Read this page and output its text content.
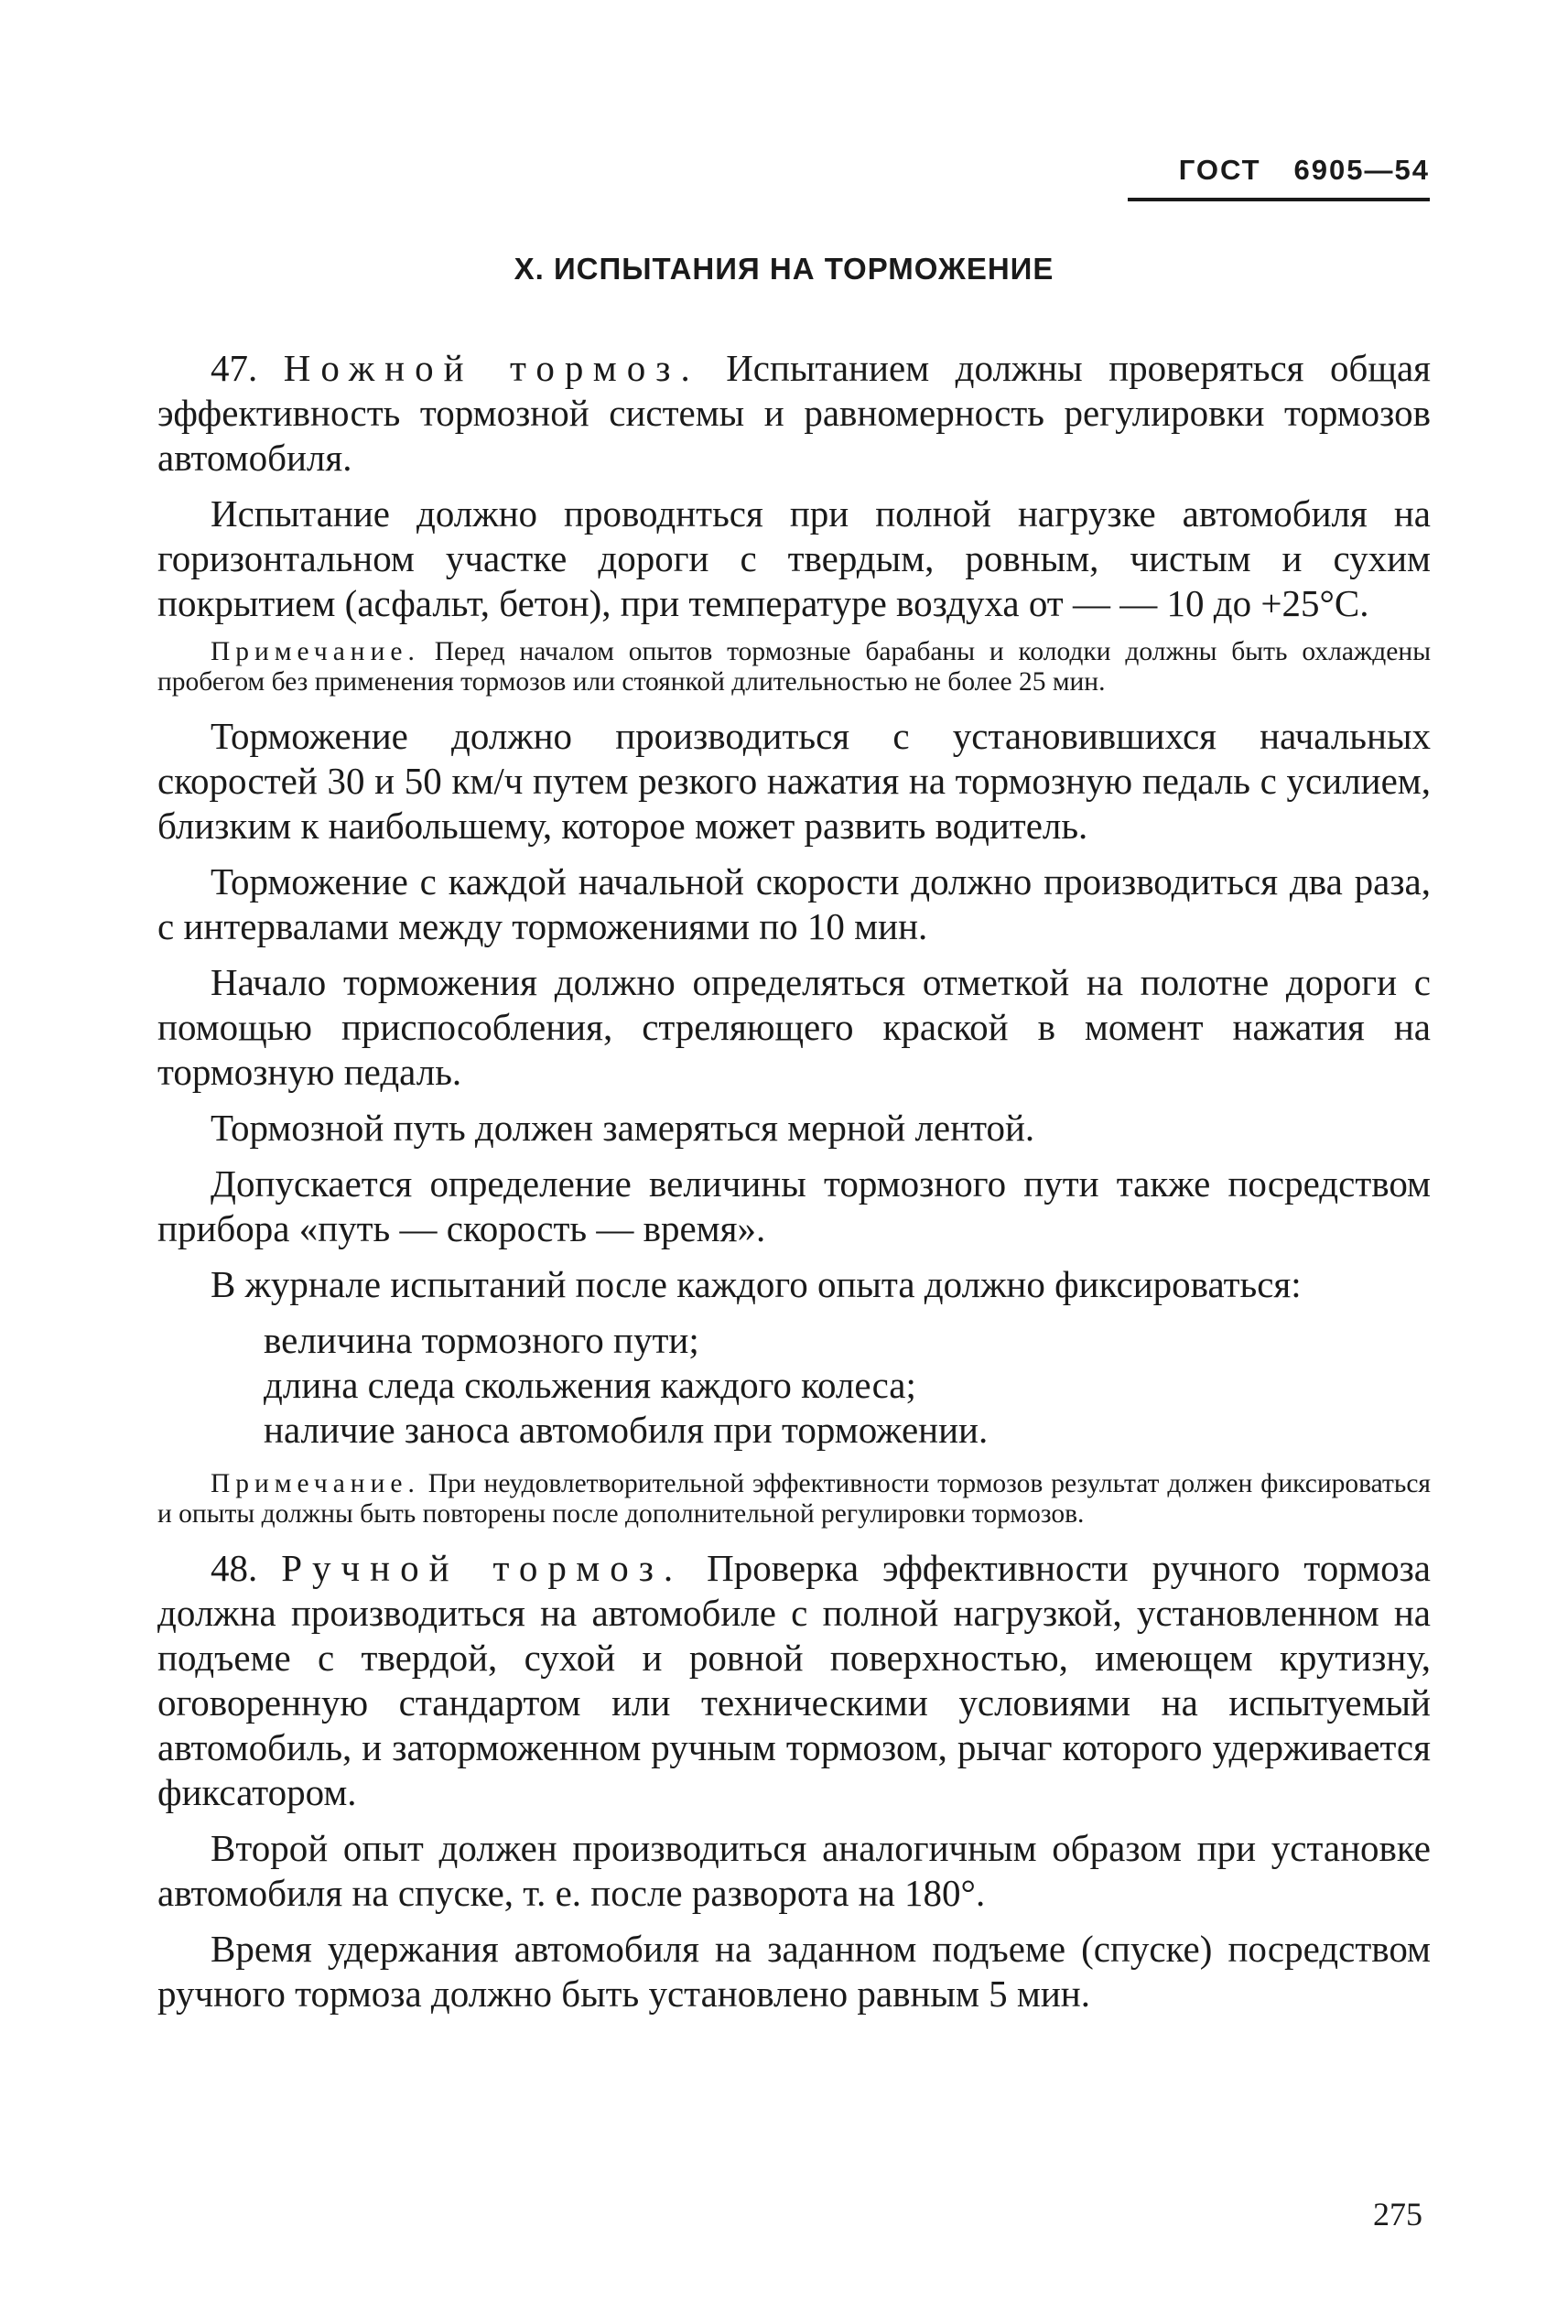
ГОСТ 6905—54
X. ИСПЫТАНИЯ НА ТОРМОЖЕНИЕ

47. Ножной тормоз. Испытанием должны проверяться общая эффективность тормозной системы и равномерность регулировки тормозов автомобиля.

Испытание должно проводнться при полной нагрузке автомобиля на горизонтальном участке дороги с твердым, ровным, чистым и сухим покрытием (асфальт, бетон), при температуре воздуха от — — 10 до +25°С.

Примечание. Перед началом опытов тормозные барабаны и колодки должны быть охлаждены пробегом без применения тормозов или стоянкой длительностью не более 25 мин.

Торможение должно производиться с установившихся начальных скоростей 30 и 50 км/ч путем резкого нажатия на тормозную педаль с усилием, близким к наибольшему, которое может развить водитель.

Торможение с каждой начальной скорости должно производиться два раза, с интервалами между торможениями по 10 мин.

Начало торможения должно определяться отметкой на полотне дороги с помощью приспособления, стреляющего краской в момент нажатия на тормозную педаль.

Тормозной путь должен замеряться мерной лентой.

Допускается определение величины тормозного пути также посредством прибора «путь — скорость — время».

В журнале испытаний после каждого опыта должно фиксироваться:

величина тормозного пути;
длина следа скольжения каждого колеса;
наличие заноса автомобиля при торможении.

Примечание. При неудовлетворительной эффективности тормозов результат должен фиксироваться и опыты должны быть повторены после дополнительной регулировки тормозов.

48. Ручной тормоз. Проверка эффективности ручного тормоза должна производиться на автомобиле с полной нагрузкой, установленном на подъеме с твердой, сухой и ровной поверхностью, имеющем крутизну, оговоренную стандартом или техническими условиями на испытуемый автомобиль, и заторможенном ручным тормозом, рычаг которого удерживается фиксатором.

Второй опыт должен производиться аналогичным образом при установке автомобиля на спуске, т. е. после разворота на 180°.

Время удержания автомобиля на заданном подъеме (спуске) посредством ручного тормоза должно быть установлено равным 5 мин.

275
